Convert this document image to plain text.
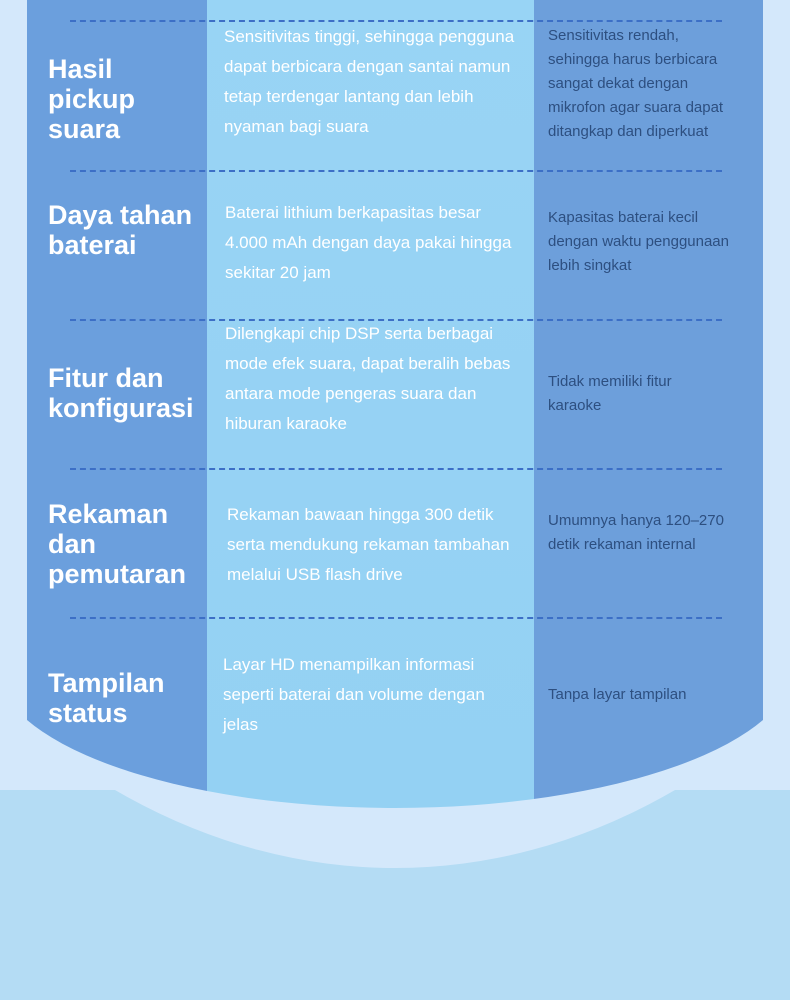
Hasil pickup suara
Sensitivitas tinggi, sehingga pengguna dapat berbicara dengan santai namun tetap terdengar lantang dan lebih nyaman bagi suara
Sensitivitas rendah, sehingga harus berbicara sangat dekat dengan mikrofon agar suara dapat ditangkap dan diperkuat
Daya tahan baterai
Baterai lithium berkapasitas besar 4.000 mAh dengan daya pakai hingga sekitar 20 jam
Kapasitas baterai kecil dengan waktu penggunaan lebih singkat
Fitur dan konfigurasi
Dilengkapi chip DSP serta berbagai mode efek suara, dapat beralih bebas antara mode pengeras suara dan hiburan karaoke
Tidak memiliki fitur karaoke
Rekaman dan pemutaran
Rekaman bawaan hingga 300 detik serta mendukung rekaman tambahan melalui USB flash drive
Umumnya hanya 120–270 detik rekaman internal
Tampilan status
Layar HD menampilkan informasi seperti baterai dan volume dengan jelas
Tanpa layar tampilan
